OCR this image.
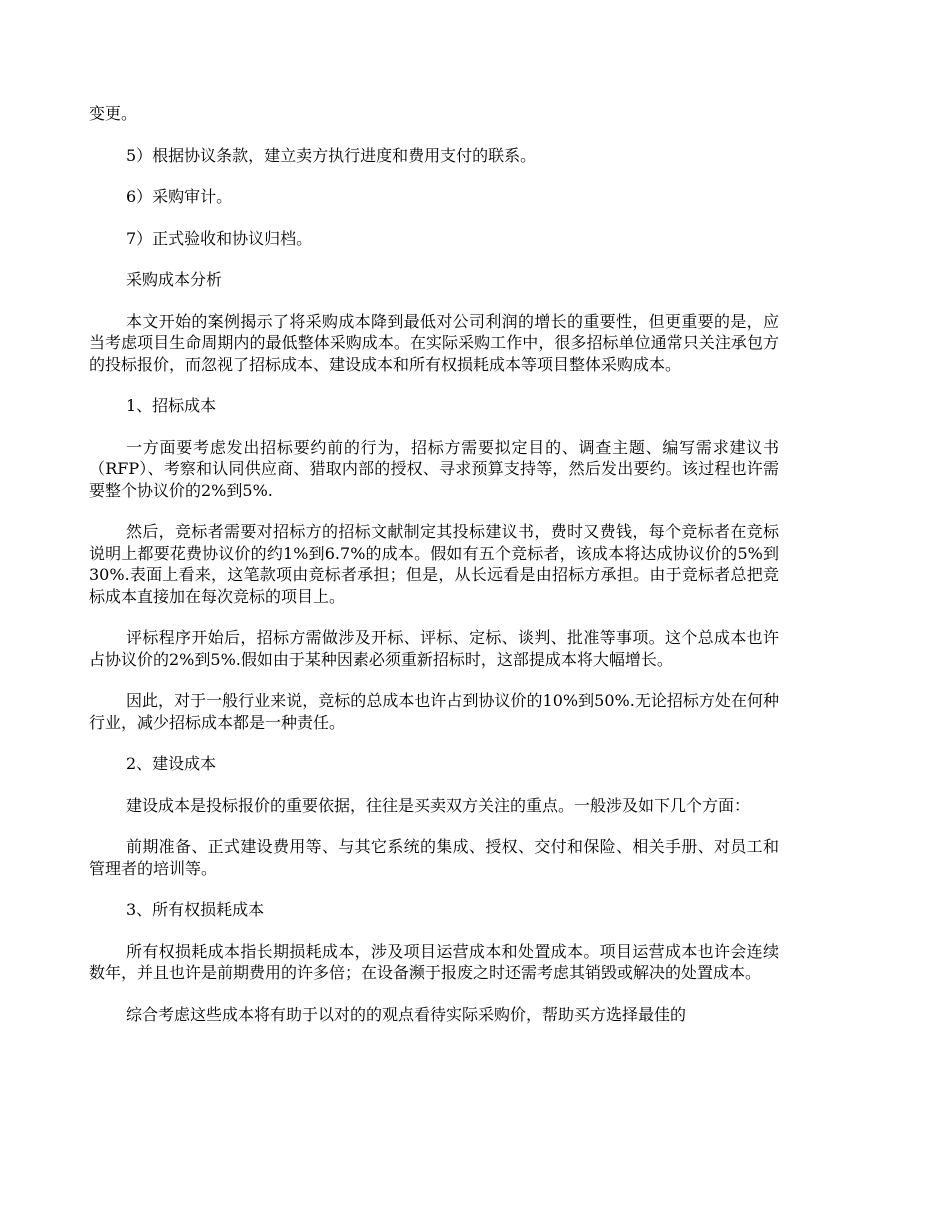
变更。

5）根据协议条款，建立卖方执行进度和费用支付的联系。

6）采购审计。

7）正式验收和协议归档。

采购成本分析

本文开始的案例揭示了将采购成本降到最低对公司利润的增长的重要性，但更重要的是，应当考虑项目生命周期内的最低整体采购成本。在实际采购工作中，很多招标单位通常只关注承包方的投标报价，而忽视了招标成本、建设成本和所有权损耗成本等项目整体采购成本。

1、招标成本

一方面要考虑发出招标要约前的行为，招标方需要拟定目的、调查主题、编写需求建议书（RFP）、考察和认同供应商、猎取内部的授权、寻求预算支持等，然后发出要约。该过程也许需要整个协议价的2%到5%.

然后，竞标者需要对招标方的招标文献制定其投标建议书，费时又费钱，每个竞标者在竞标说明上都要花费协议价的约1%到6.7%的成本。假如有五个竞标者，该成本将达成协议价的5%到30%.表面上看来，这笔款项由竞标者承担；但是，从长远看是由招标方承担。由于竞标者总把竞标成本直接加在每次竞标的项目上。

评标程序开始后，招标方需做涉及开标、评标、定标、谈判、批准等事项。这个总成本也许占协议价的2%到5%.假如由于某种因素必须重新招标时，这部提成本将大幅增长。

因此，对于一般行业来说，竞标的总成本也许占到协议价的10%到50%.无论招标方处在何种行业，减少招标成本都是一种责任。

2、建设成本

建设成本是投标报价的重要依据，往往是买卖双方关注的重点。一般涉及如下几个方面：

前期准备、正式建设费用等、与其它系统的集成、授权、交付和保险、相关手册、对员工和管理者的培训等。

3、所有权损耗成本

所有权损耗成本指长期损耗成本，涉及项目运营成本和处置成本。项目运营成本也许会连续数年，并且也许是前期费用的许多倍；在设备濒于报废之时还需考虑其销毁或解决的处置成本。

综合考虑这些成本将有助于以对的的观点看待实际采购价，帮助买方选择最佳的
